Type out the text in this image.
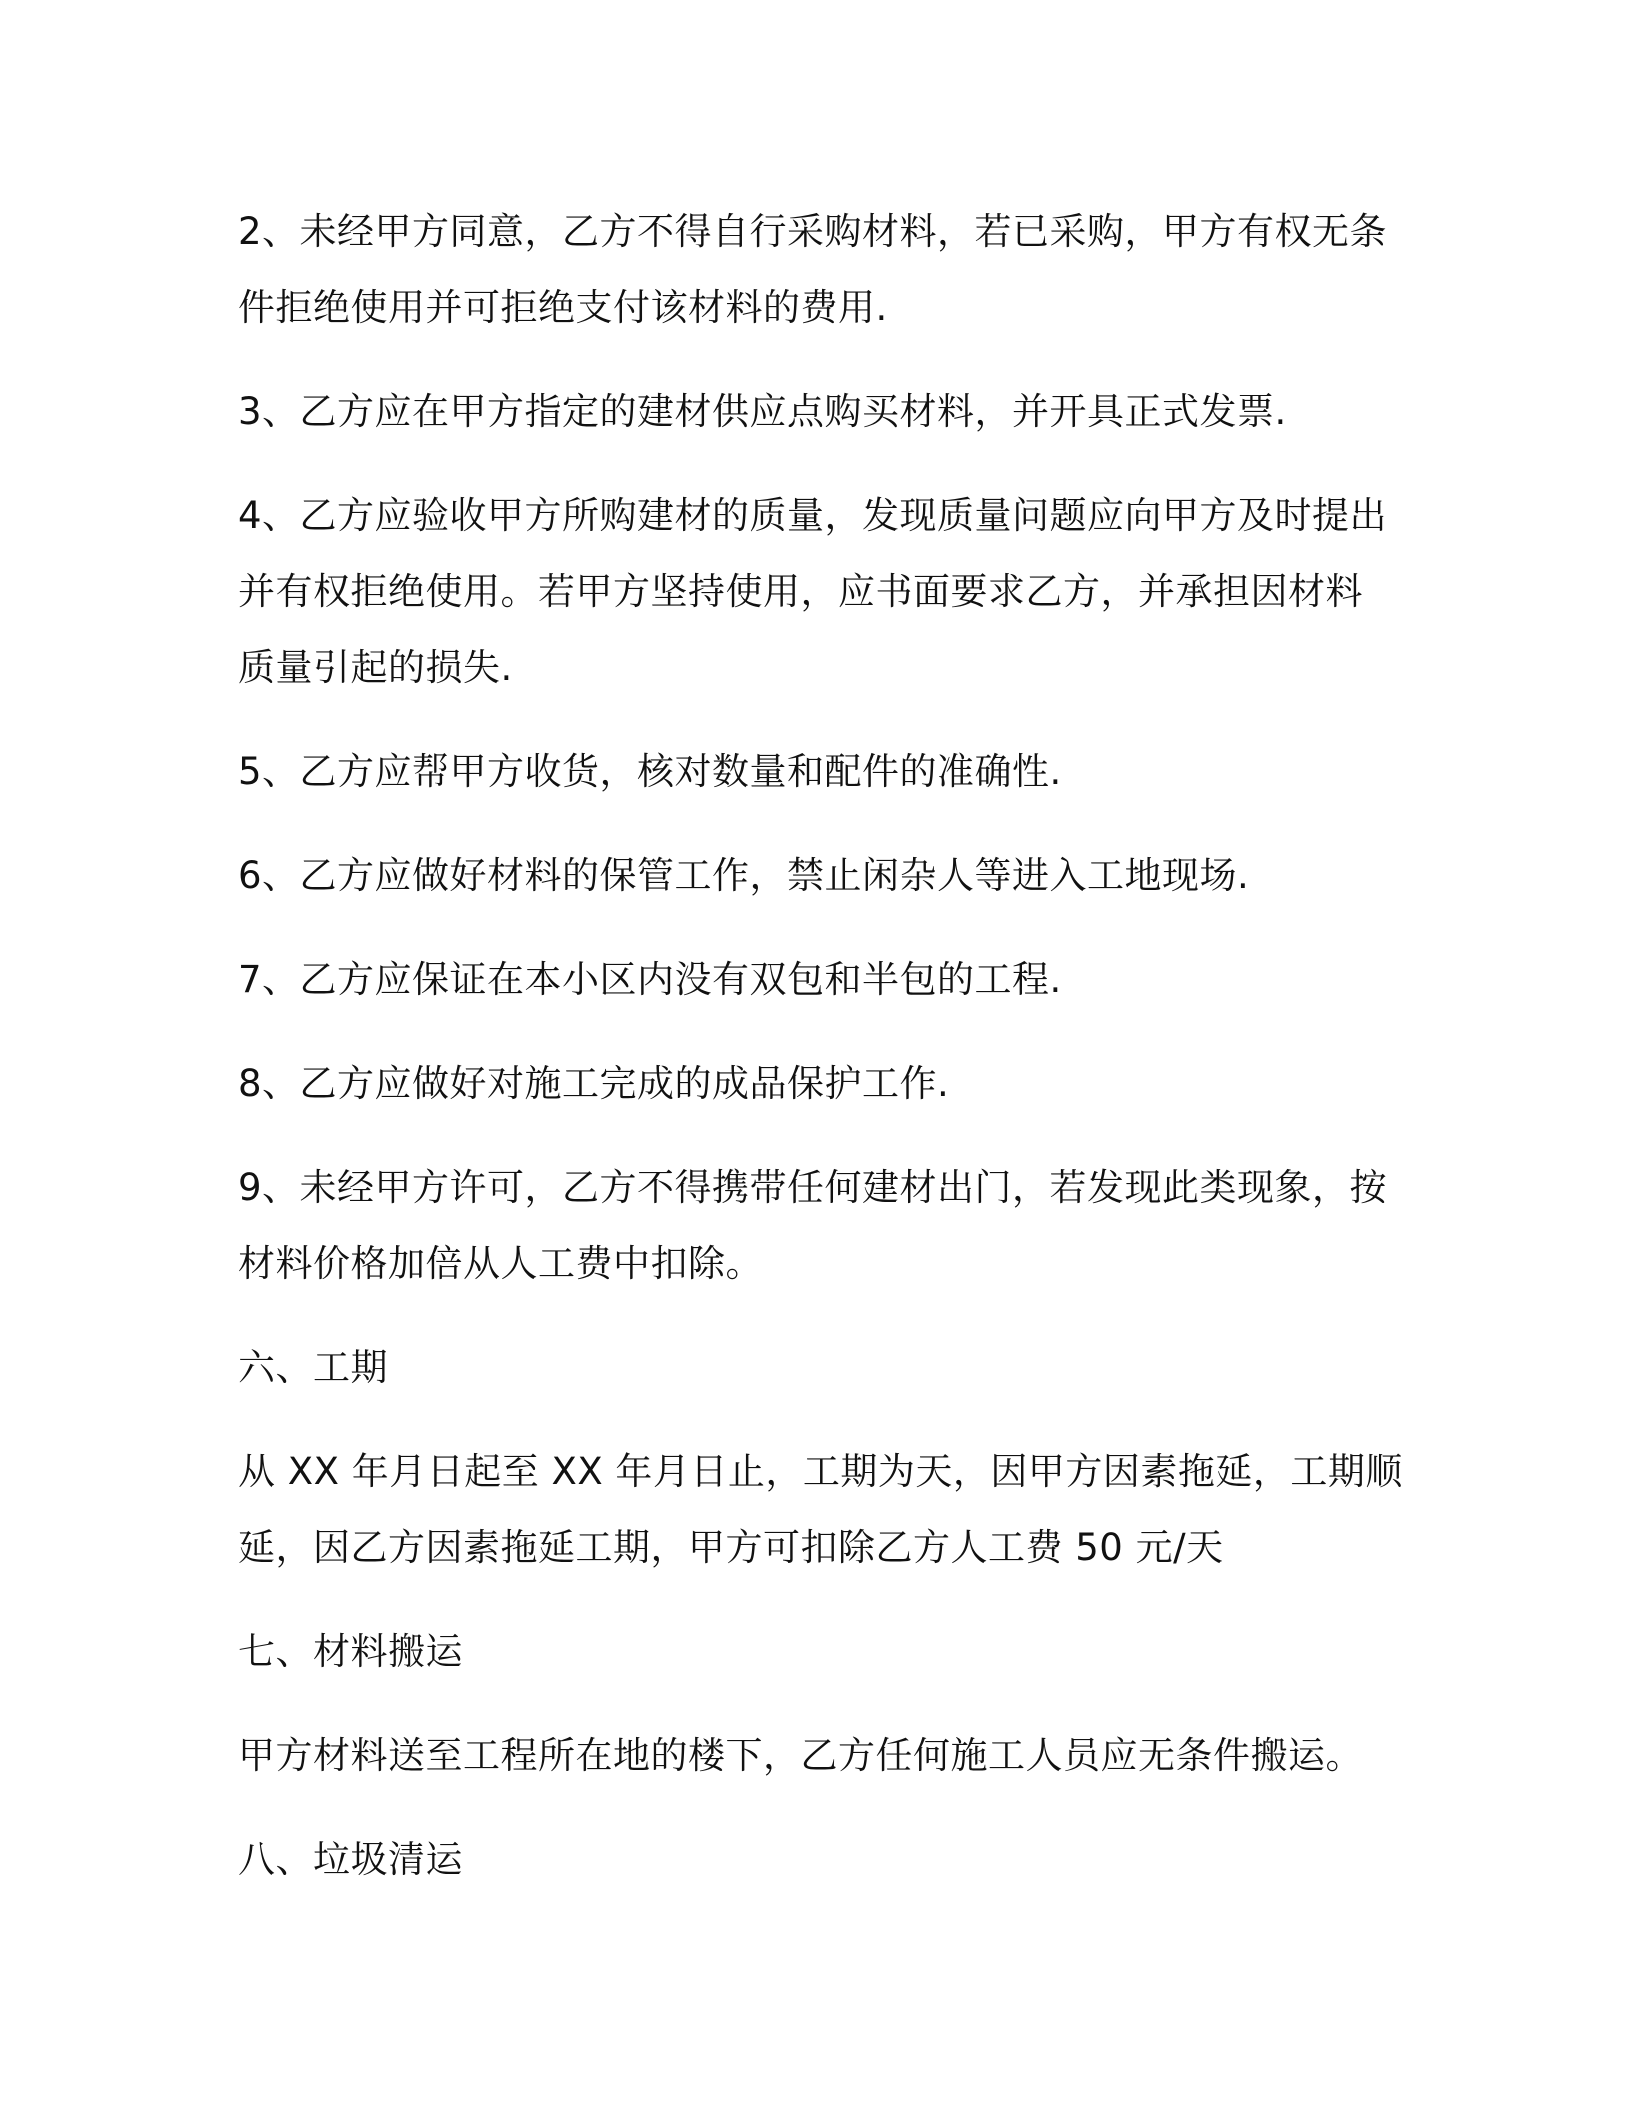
2、未经甲方同意，乙方不得自行采购材料，若已采购，甲方有权无条
件拒绝使用并可拒绝支付该材料的费用.

3、乙方应在甲方指定的建材供应点购买材料，并开具正式发票.

4、乙方应验收甲方所购建材的质量，发现质量问题应向甲方及时提出
并有权拒绝使用。若甲方坚持使用，应书面要求乙方，并承担因材料
质量引起的损失.

5、乙方应帮甲方收货，核对数量和配件的准确性.

6、乙方应做好材料的保管工作，禁止闲杂人等进入工地现场.

7、乙方应保证在本小区内没有双包和半包的工程.

8、乙方应做好对施工完成的成品保护工作.

9、未经甲方许可，乙方不得携带任何建材出门，若发现此类现象，按
材料价格加倍从人工费中扣除。

六、工期

从 XX 年月日起至 XX 年月日止，工期为天，因甲方因素拖延，工期顺
延，因乙方因素拖延工期，甲方可扣除乙方人工费 50 元/天

七、材料搬运

甲方材料送至工程所在地的楼下，乙方任何施工人员应无条件搬运。

八、垃圾清运
